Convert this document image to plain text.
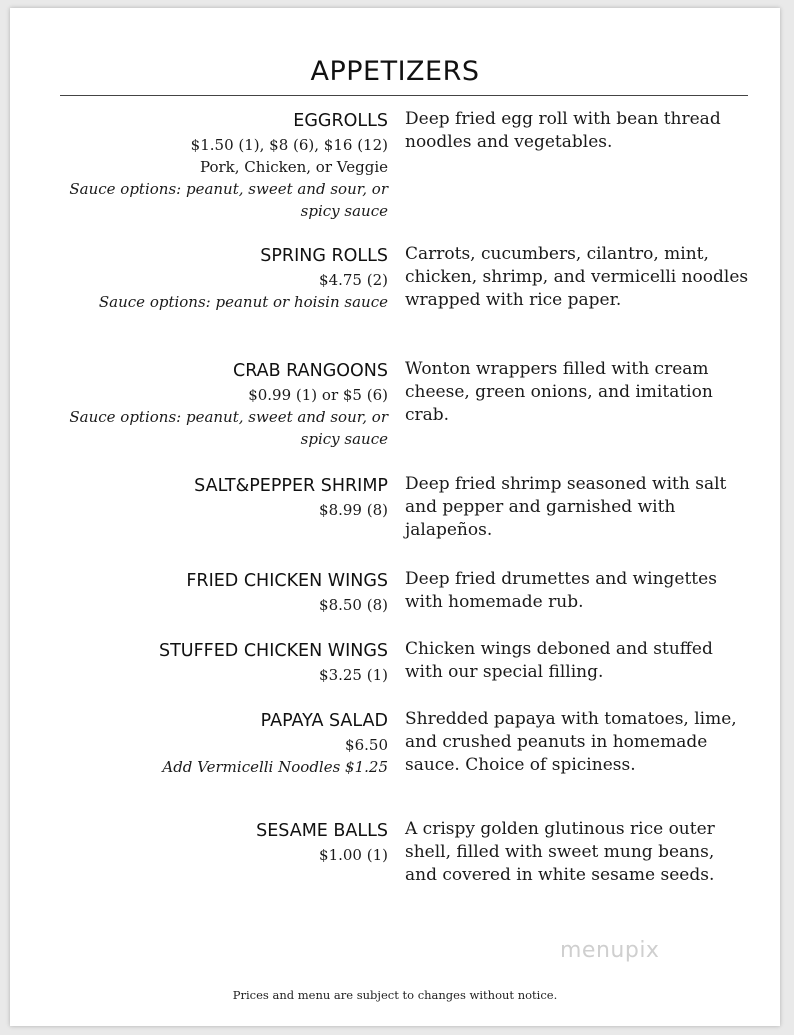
APPETIZERS
EGGROLLS
$1.50 (1), $8 (6), $16 (12)
Pork, Chicken, or Veggie
Sauce options: peanut, sweet and sour, or
spicy sauce
Deep fried egg roll with bean thread noodles and vegetables.
SPRING ROLLS
$4.75 (2)
Sauce options: peanut or hoisin sauce
Carrots, cucumbers, cilantro, mint, chicken, shrimp, and vermicelli noodles wrapped with rice paper.
CRAB RANGOONS
$0.99 (1) or $5 (6)
Sauce options: peanut, sweet and sour, or
spicy sauce
Wonton wrappers filled with cream cheese, green onions, and imitation crab.
SALT&PEPPER SHRIMP
$8.99 (8)
Deep fried shrimp seasoned with salt and pepper and garnished with jalapeños.
FRIED CHICKEN WINGS
$8.50 (8)
Deep fried drumettes and wingettes with homemade rub.
STUFFED CHICKEN WINGS
$3.25 (1)
Chicken wings deboned and stuffed with our special filling.
PAPAYA SALAD
$6.50
Add Vermicelli Noodles $1.25
Shredded papaya with tomatoes, lime, and crushed peanuts in homemade sauce. Choice of spiciness.
SESAME BALLS
$1.00 (1)
A crispy golden glutinous rice outer shell, filled with sweet mung beans, and covered in white sesame seeds.
menupix
Prices and menu are subject to changes without notice.
